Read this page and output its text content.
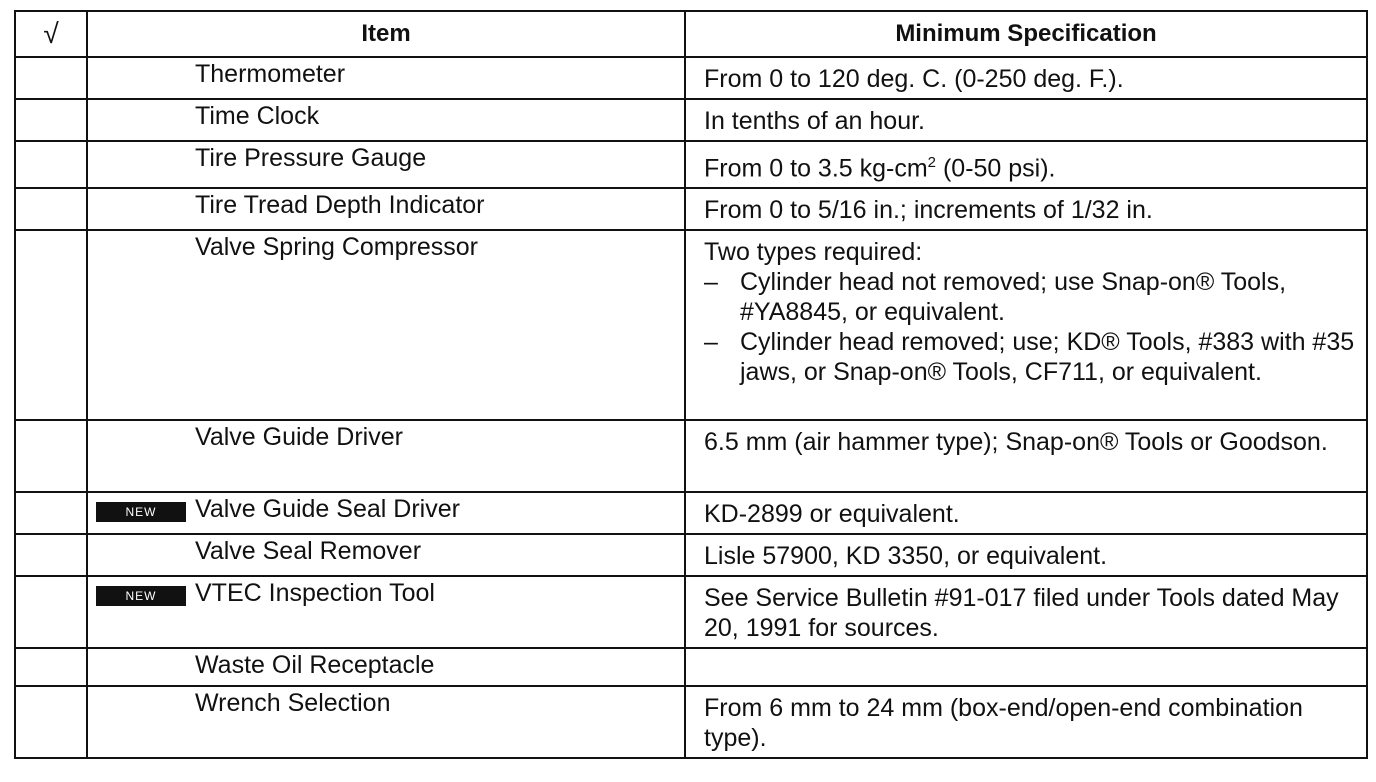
√	Item	Minimum Specification
	Thermometer	From 0 to 120 deg. C. (0-250 deg. F.).
	Time Clock	In tenths of an hour.
	Tire Pressure Gauge	From 0 to 3.5 $kg-cm^2$ (0-50 psi).
	Tire Tread Depth Indicator	From 0 to 5/16 in.; increments of 1/32 in.
	Valve Spring Compressor	Two types required:
– Cylinder head not removed; use Snap-on® Tools, #YA8845, or equivalent.
– Cylinder head removed; use; KD® Tools, #383 with #35 jaws, or Snap-on® Tools, CF711, or equivalent.

	Valve Guide Driver	6.5 mm (air hammer type); Snap-on® Tools or Goodson.
	NEW Valve Guide Seal Driver	KD-2899 or equivalent.
	Valve Seal Remover	Lisle 57900, KD 3350, or equivalent.
	NEW VTEC Inspection Tool	See Service Bulletin #91-017 filed under Tools dated May 20, 1991 for sources.
	Waste Oil Receptacle	
	Wrench Selection	From 6 mm to 24 mm (box-end/open-end combination type).
